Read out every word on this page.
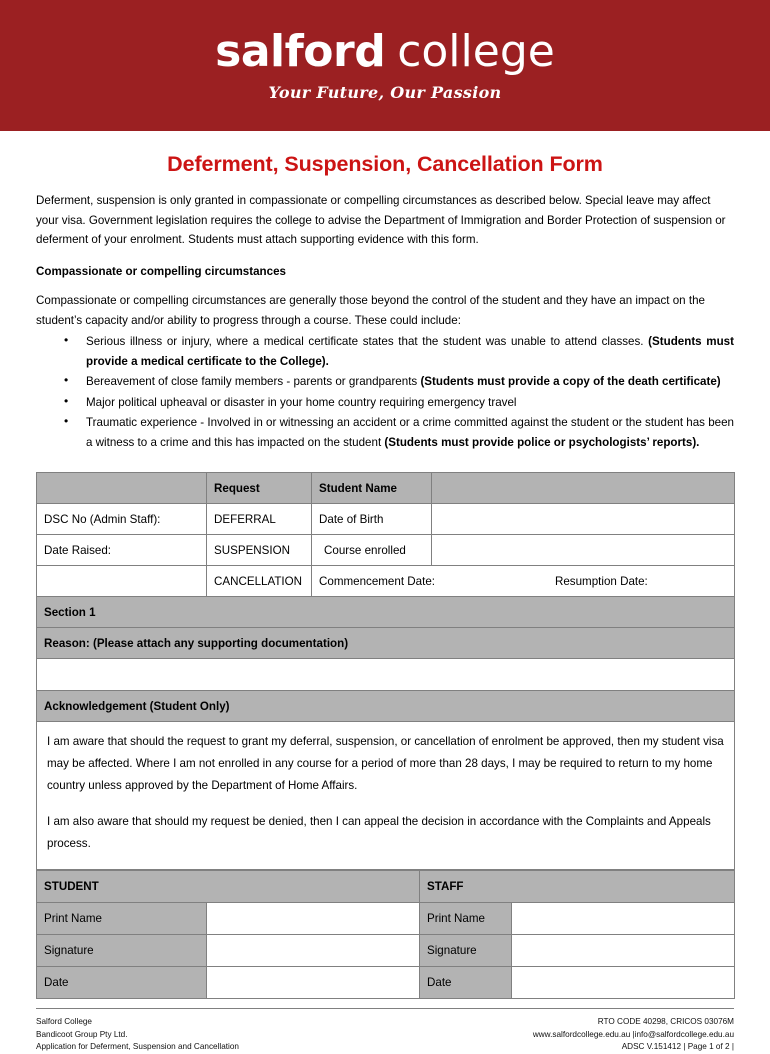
salford college
Your Future, Our Passion
Deferment, Suspension, Cancellation Form

Deferment, suspension is only granted in compassionate or compelling circumstances as described below. Special leave may affect your visa. Government legislation requires the college to advise the Department of Immigration and Border Protection of suspension or deferment of your enrolment. Students must attach supporting evidence with this form.

Compassionate or compelling circumstances

Compassionate or compelling circumstances are generally those beyond the control of the student and they have an impact on the student’s capacity and/or ability to progress through a course. These could include:

• Serious illness or injury, where a medical certificate states that the student was unable to attend classes. (Students must provide a medical certificate to the College).
• Bereavement of close family members - parents or grandparents (Students must provide a copy of the death certificate)
• Major political upheaval or disaster in your home country requiring emergency travel
• Traumatic experience - Involved in or witnessing an accident or a crime committed against the student or the student has been a witness to a crime and this has impacted on the student (Students must provide police or psychologists’ reports).
	Request	Student Name	
DSC No (Admin Staff):	DEFERRAL	Date of Birth	
Date Raised:	SUSPENSION	Course enrolled	
	CANCELLATION	Commencement Date: Resumption Date:	
Section 1			
Reason: (Please attach any supporting documentation)			

Acknowledgement (Student Only)			

I am aware that should the request to grant my deferral, suspension, or cancellation of enrolment be approved, then my student visa may be affected. Where I am not enrolled in any course for a period of more than 28 days, I may be required to return to my home country unless approved by the Department of Home Affairs.

I am also aware that should my request be denied, then I can appeal the decision in accordance with the Complaints and Appeals process.			

STUDENT		STAFF	
Print Name		Print Name	
Signature		Signature	
Date		Date	
Salford College
Bandicoot Group Pty Ltd.
Application for Deferment, Suspension and Cancellation
RTO CODE 40298, CRICOS 03076M
www.salfordcollege.edu.au |info@salfordcollege.edu.au
ADSC V.151412 | Page 1 of 2 |
